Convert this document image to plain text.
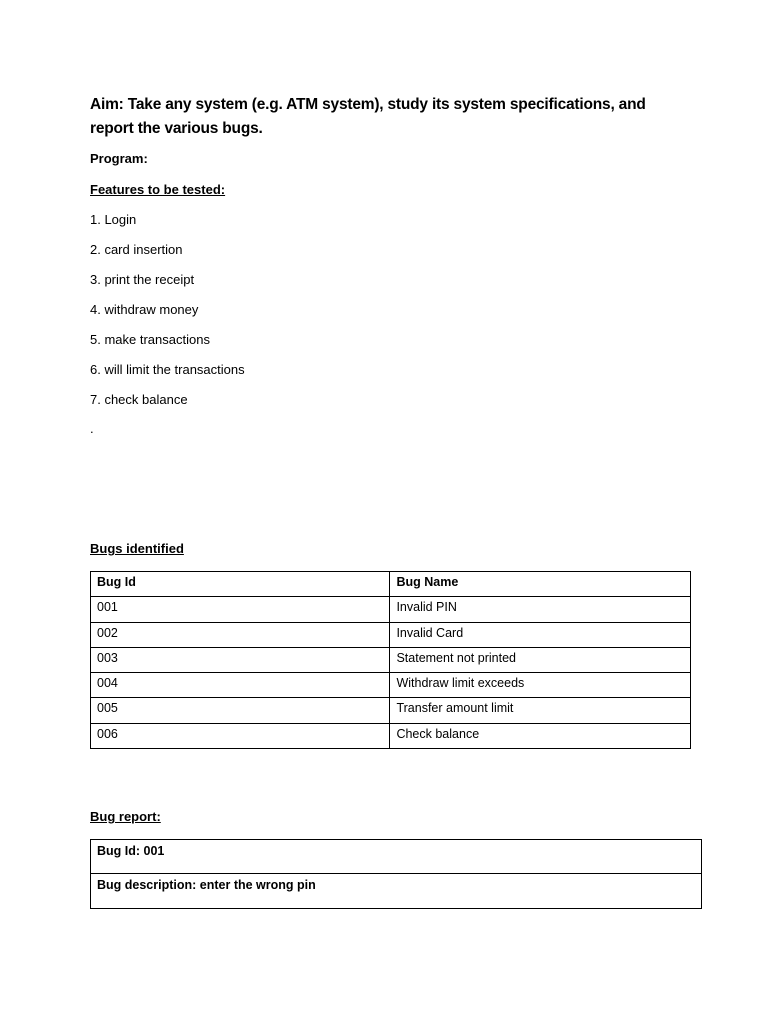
Aim: Take any system (e.g. ATM system), study its system specifications, and report the various bugs.
Program:
Features to be tested:
1. Login
2. card insertion
3. print the receipt
4. withdraw money
5. make transactions
6. will limit the transactions
7. check balance
.
Bugs identified
Bug Id	Bug Name
001	Invalid PIN
002	Invalid Card
003	Statement not printed
004	Withdraw limit exceeds
005	Transfer amount limit
006	Check balance
Bug report:
Bug Id: 001
Bug description: enter the wrong pin
